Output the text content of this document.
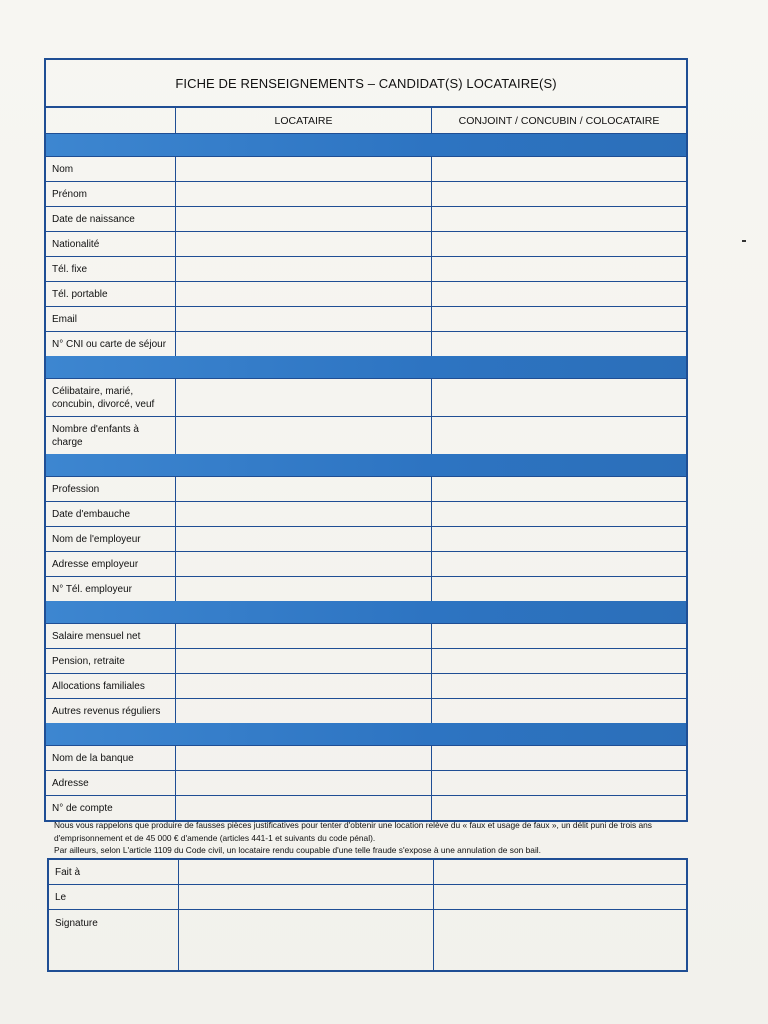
FICHE DE RENSEIGNEMENTS – CANDIDAT(S) LOCATAIRE(S)
LOCATAIRE	CONJOINT / CONCUBIN / COLOCATAIRE
Nom
Prénom
Date de naissance
Nationalité
Tél. fixe
Tél. portable
Email
N° CNI ou carte de séjour
Célibataire, marié, concubin, divorcé, veuf
Nombre d'enfants à charge
Profession
Date d'embauche
Nom de l'employeur
Adresse employeur
N° Tél. employeur
Salaire mensuel net
Pension, retraite
Allocations familiales
Autres revenus réguliers
Nom de la banque
Adresse
N° de compte

Nous vous rappelons que produire de fausses pièces justificatives pour tenter d'obtenir une location relève du « faux et usage de faux », un délit puni de trois ans d'emprisonnement et de 45 000 € d'amende (articles 441-1 et suivants du code pénal).

Par ailleurs, selon L'article 1109 du Code civil, un locataire rendu coupable d'une telle fraude s'expose à une annulation de son bail.

Fait à
Le
Signature
